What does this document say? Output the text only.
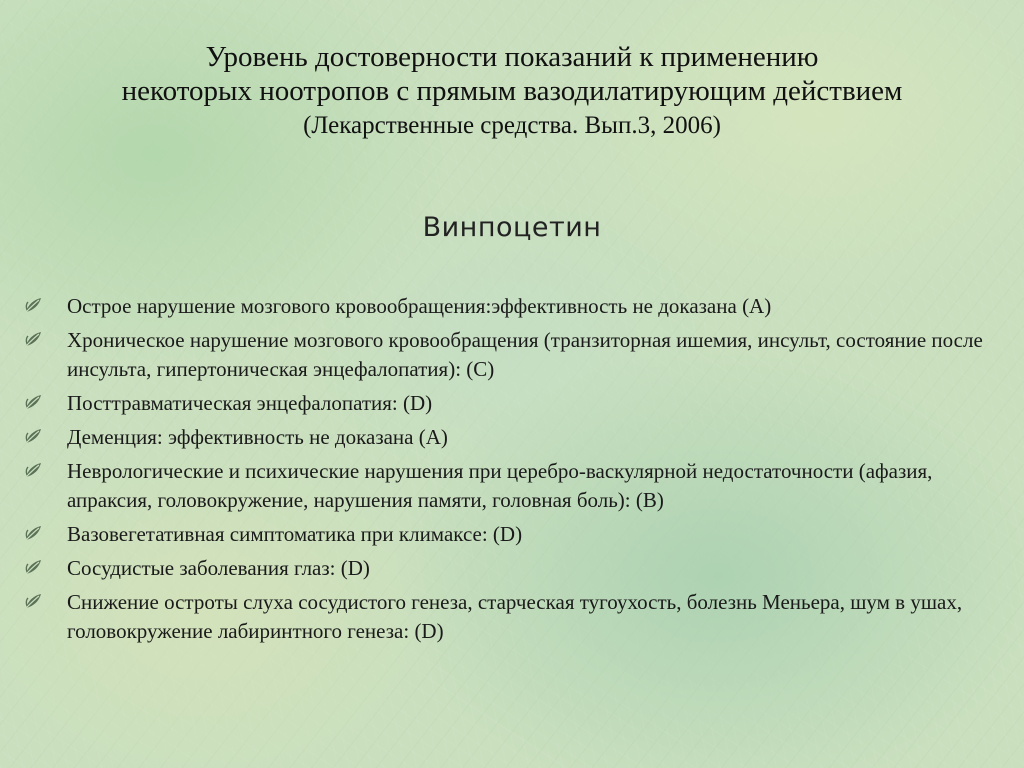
Уровень достоверности показаний к применению
некоторых ноотропов с прямым вазодилатирующим действием
(Лекарственные средства. Вып.3, 2006)
Винпоцетин
Острое нарушение мозгового кровообращения:эффективность не доказана (А)
Хроническое нарушение мозгового кровообращения (транзиторная ишемия, инсульт, состояние после инсульта, гипертоническая энцефалопатия): (С)
Посттравматическая энцефалопатия: (D)
Деменция: эффективность не доказана (А)
Неврологические и психические нарушения при церебро-васкулярной недостаточности (афазия, апраксия, головокружение, нарушения памяти, головная боль): (В)
Вазовегетативная симптоматика при климаксе: (D)
Сосудистые заболевания глаз: (D)
Снижение остроты слуха сосудистого генеза, старческая тугоухость, болезнь Меньера, шум в ушах, головокружение лабиринтного генеза: (D)
